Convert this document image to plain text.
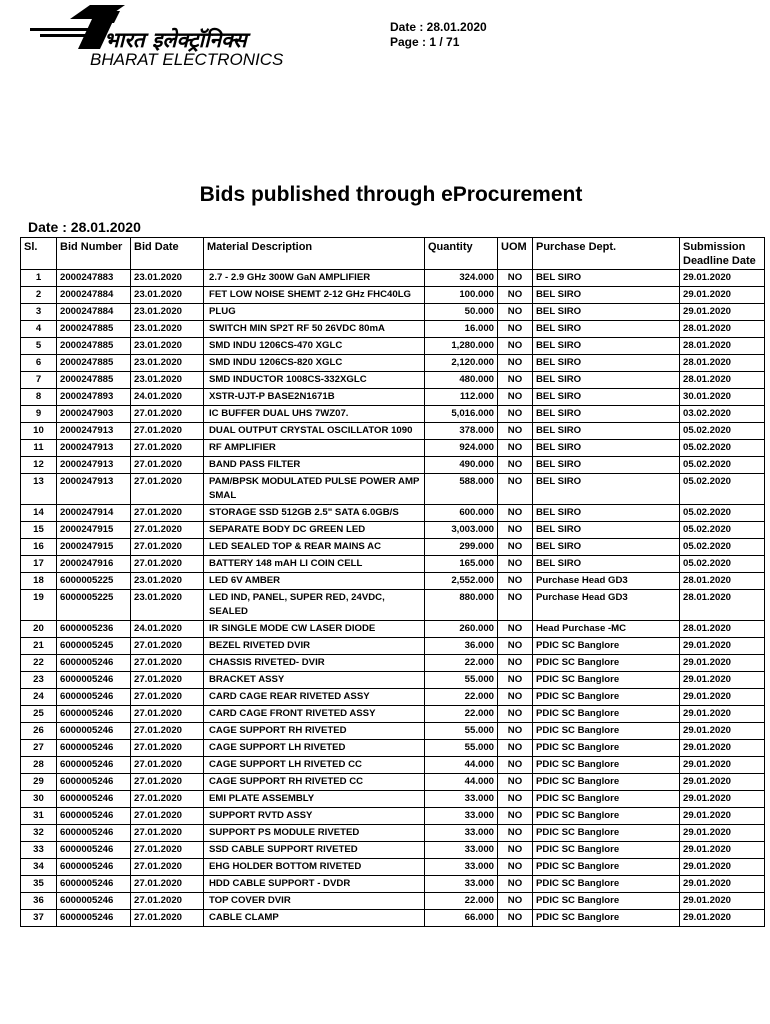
भारत इलेक्ट्रॉनिक्स
BHARAT ELECTRONICS
Date : 28.01.2020
Page : 1 / 71
Bids published through eProcurement
Date : 28.01.2020
Sl.	Bid Number	Bid Date	Material Description	Quantity	UOM	Purchase Dept.	Submission Deadline Date
1	2000247883	23.01.2020	2.7 - 2.9 GHz 300W GaN AMPLIFIER	324.000	NO	BEL SIRO	29.01.2020
2	2000247884	23.01.2020	FET LOW NOISE SHEMT 2-12 GHz FHC40LG	100.000	NO	BEL SIRO	29.01.2020
3	2000247884	23.01.2020	PLUG	50.000	NO	BEL SIRO	29.01.2020
4	2000247885	23.01.2020	SWITCH MIN SP2T RF 50 26VDC 80mA	16.000	NO	BEL SIRO	28.01.2020
5	2000247885	23.01.2020	SMD INDU 1206CS-470 XGLC	1,280.000	NO	BEL SIRO	28.01.2020
6	2000247885	23.01.2020	SMD INDU 1206CS-820 XGLC	2,120.000	NO	BEL SIRO	28.01.2020
7	2000247885	23.01.2020	SMD INDUCTOR 1008CS-332XGLC	480.000	NO	BEL SIRO	28.01.2020
8	2000247893	24.01.2020	XSTR-UJT-P BASE2N1671B	112.000	NO	BEL SIRO	30.01.2020
9	2000247903	27.01.2020	IC BUFFER DUAL UHS 7WZ07.	5,016.000	NO	BEL SIRO	03.02.2020
10	2000247913	27.01.2020	DUAL OUTPUT CRYSTAL OSCILLATOR 1090	378.000	NO	BEL SIRO	05.02.2020
11	2000247913	27.01.2020	RF AMPLIFIER	924.000	NO	BEL SIRO	05.02.2020
12	2000247913	27.01.2020	BAND PASS FILTER	490.000	NO	BEL SIRO	05.02.2020
13	2000247913	27.01.2020	PAM/BPSK MODULATED PULSE POWER AMP SMAL	588.000	NO	BEL SIRO	05.02.2020
14	2000247914	27.01.2020	STORAGE SSD 512GB 2.5" SATA 6.0GB/S	600.000	NO	BEL SIRO	05.02.2020
15	2000247915	27.01.2020	SEPARATE BODY DC GREEN LED	3,003.000	NO	BEL SIRO	05.02.2020
16	2000247915	27.01.2020	LED SEALED TOP & REAR MAINS AC	299.000	NO	BEL SIRO	05.02.2020
17	2000247916	27.01.2020	BATTERY 148 mAH LI COIN CELL	165.000	NO	BEL SIRO	05.02.2020
18	6000005225	23.01.2020	LED 6V AMBER	2,552.000	NO	Purchase Head GD3	28.01.2020
19	6000005225	23.01.2020	LED IND, PANEL, SUPER RED, 24VDC, SEALED	880.000	NO	Purchase Head GD3	28.01.2020
20	6000005236	24.01.2020	IR SINGLE MODE CW LASER DIODE	260.000	NO	Head Purchase -MC	28.01.2020
21	6000005245	27.01.2020	BEZEL RIVETED DVIR	36.000	NO	PDIC SC Banglore	29.01.2020
22	6000005246	27.01.2020	CHASSIS RIVETED- DVIR	22.000	NO	PDIC SC Banglore	29.01.2020
23	6000005246	27.01.2020	BRACKET ASSY	55.000	NO	PDIC SC Banglore	29.01.2020
24	6000005246	27.01.2020	CARD CAGE REAR RIVETED ASSY	22.000	NO	PDIC SC Banglore	29.01.2020
25	6000005246	27.01.2020	CARD CAGE FRONT RIVETED ASSY	22.000	NO	PDIC SC Banglore	29.01.2020
26	6000005246	27.01.2020	CAGE SUPPORT RH RIVETED	55.000	NO	PDIC SC Banglore	29.01.2020
27	6000005246	27.01.2020	CAGE SUPPORT LH RIVETED	55.000	NO	PDIC SC Banglore	29.01.2020
28	6000005246	27.01.2020	CAGE SUPPORT LH RIVETED CC	44.000	NO	PDIC SC Banglore	29.01.2020
29	6000005246	27.01.2020	CAGE SUPPORT RH RIVETED CC	44.000	NO	PDIC SC Banglore	29.01.2020
30	6000005246	27.01.2020	EMI PLATE ASSEMBLY	33.000	NO	PDIC SC Banglore	29.01.2020
31	6000005246	27.01.2020	SUPPORT RVTD ASSY	33.000	NO	PDIC SC Banglore	29.01.2020
32	6000005246	27.01.2020	SUPPORT PS MODULE RIVETED	33.000	NO	PDIC SC Banglore	29.01.2020
33	6000005246	27.01.2020	SSD CABLE SUPPORT RIVETED	33.000	NO	PDIC SC Banglore	29.01.2020
34	6000005246	27.01.2020	EHG HOLDER BOTTOM RIVETED	33.000	NO	PDIC SC Banglore	29.01.2020
35	6000005246	27.01.2020	HDD CABLE SUPPORT - DVDR	33.000	NO	PDIC SC Banglore	29.01.2020
36	6000005246	27.01.2020	TOP COVER DVIR	22.000	NO	PDIC SC Banglore	29.01.2020
37	6000005246	27.01.2020	CABLE CLAMP	66.000	NO	PDIC SC Banglore	29.01.2020
